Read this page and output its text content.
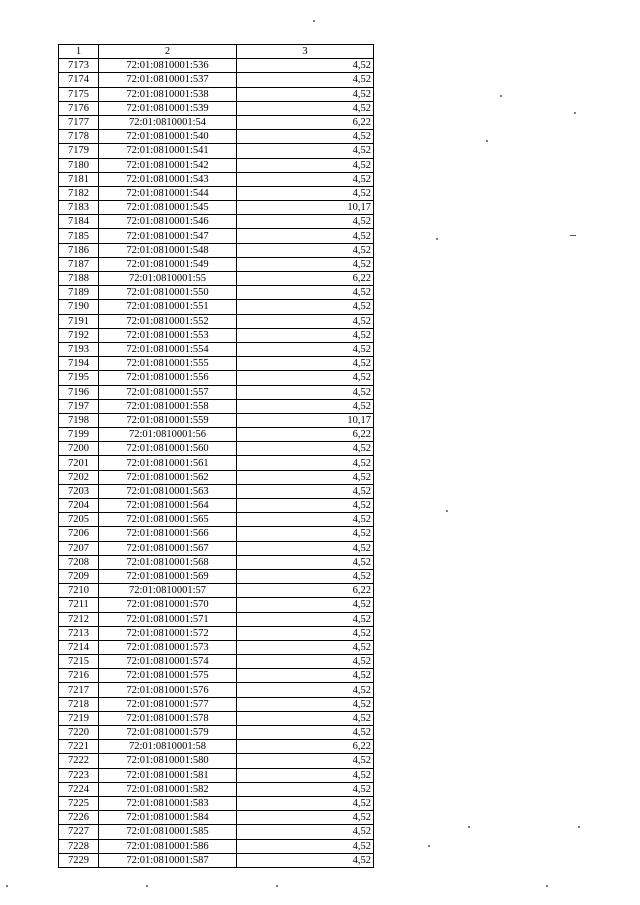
1	2	3
7173	72:01:0810001:536	4,52
7174	72:01:0810001:537	4,52
7175	72:01:0810001:538	4,52
7176	72:01:0810001:539	4,52
7177	72:01:0810001:54	6,22
7178	72:01:0810001:540	4,52
7179	72:01:0810001:541	4,52
7180	72:01:0810001:542	4,52
7181	72:01:0810001:543	4,52
7182	72:01:0810001:544	4,52
7183	72:01:0810001:545	10,17
7184	72:01:0810001:546	4,52
7185	72:01:0810001:547	4,52
7186	72:01:0810001:548	4,52
7187	72:01:0810001:549	4,52
7188	72:01:0810001:55	6,22
7189	72:01:0810001:550	4,52
7190	72:01:0810001:551	4,52
7191	72:01:0810001:552	4,52
7192	72:01:0810001:553	4,52
7193	72:01:0810001:554	4,52
7194	72:01:0810001:555	4,52
7195	72:01:0810001:556	4,52
7196	72:01:0810001:557	4,52
7197	72:01:0810001:558	4,52
7198	72:01:0810001:559	10,17
7199	72:01:0810001:56	6,22
7200	72:01:0810001:560	4,52
7201	72:01:0810001:561	4,52
7202	72:01:0810001:562	4,52
7203	72:01:0810001:563	4,52
7204	72:01:0810001:564	4,52
7205	72:01:0810001:565	4,52
7206	72:01:0810001:566	4,52
7207	72:01:0810001:567	4,52
7208	72:01:0810001:568	4,52
7209	72:01:0810001:569	4,52
7210	72:01:0810001:57	6,22
7211	72:01:0810001:570	4,52
7212	72:01:0810001:571	4,52
7213	72:01:0810001:572	4,52
7214	72:01:0810001:573	4,52
7215	72:01:0810001:574	4,52
7216	72:01:0810001:575	4,52
7217	72:01:0810001:576	4,52
7218	72:01:0810001:577	4,52
7219	72:01:0810001:578	4,52
7220	72:01:0810001:579	4,52
7221	72:01:0810001:58	6,22
7222	72:01:0810001:580	4,52
7223	72:01:0810001:581	4,52
7224	72:01:0810001:582	4,52
7225	72:01:0810001:583	4,52
7226	72:01:0810001:584	4,52
7227	72:01:0810001:585	4,52
7228	72:01:0810001:586	4,52
7229	72:01:0810001:587	4,52
